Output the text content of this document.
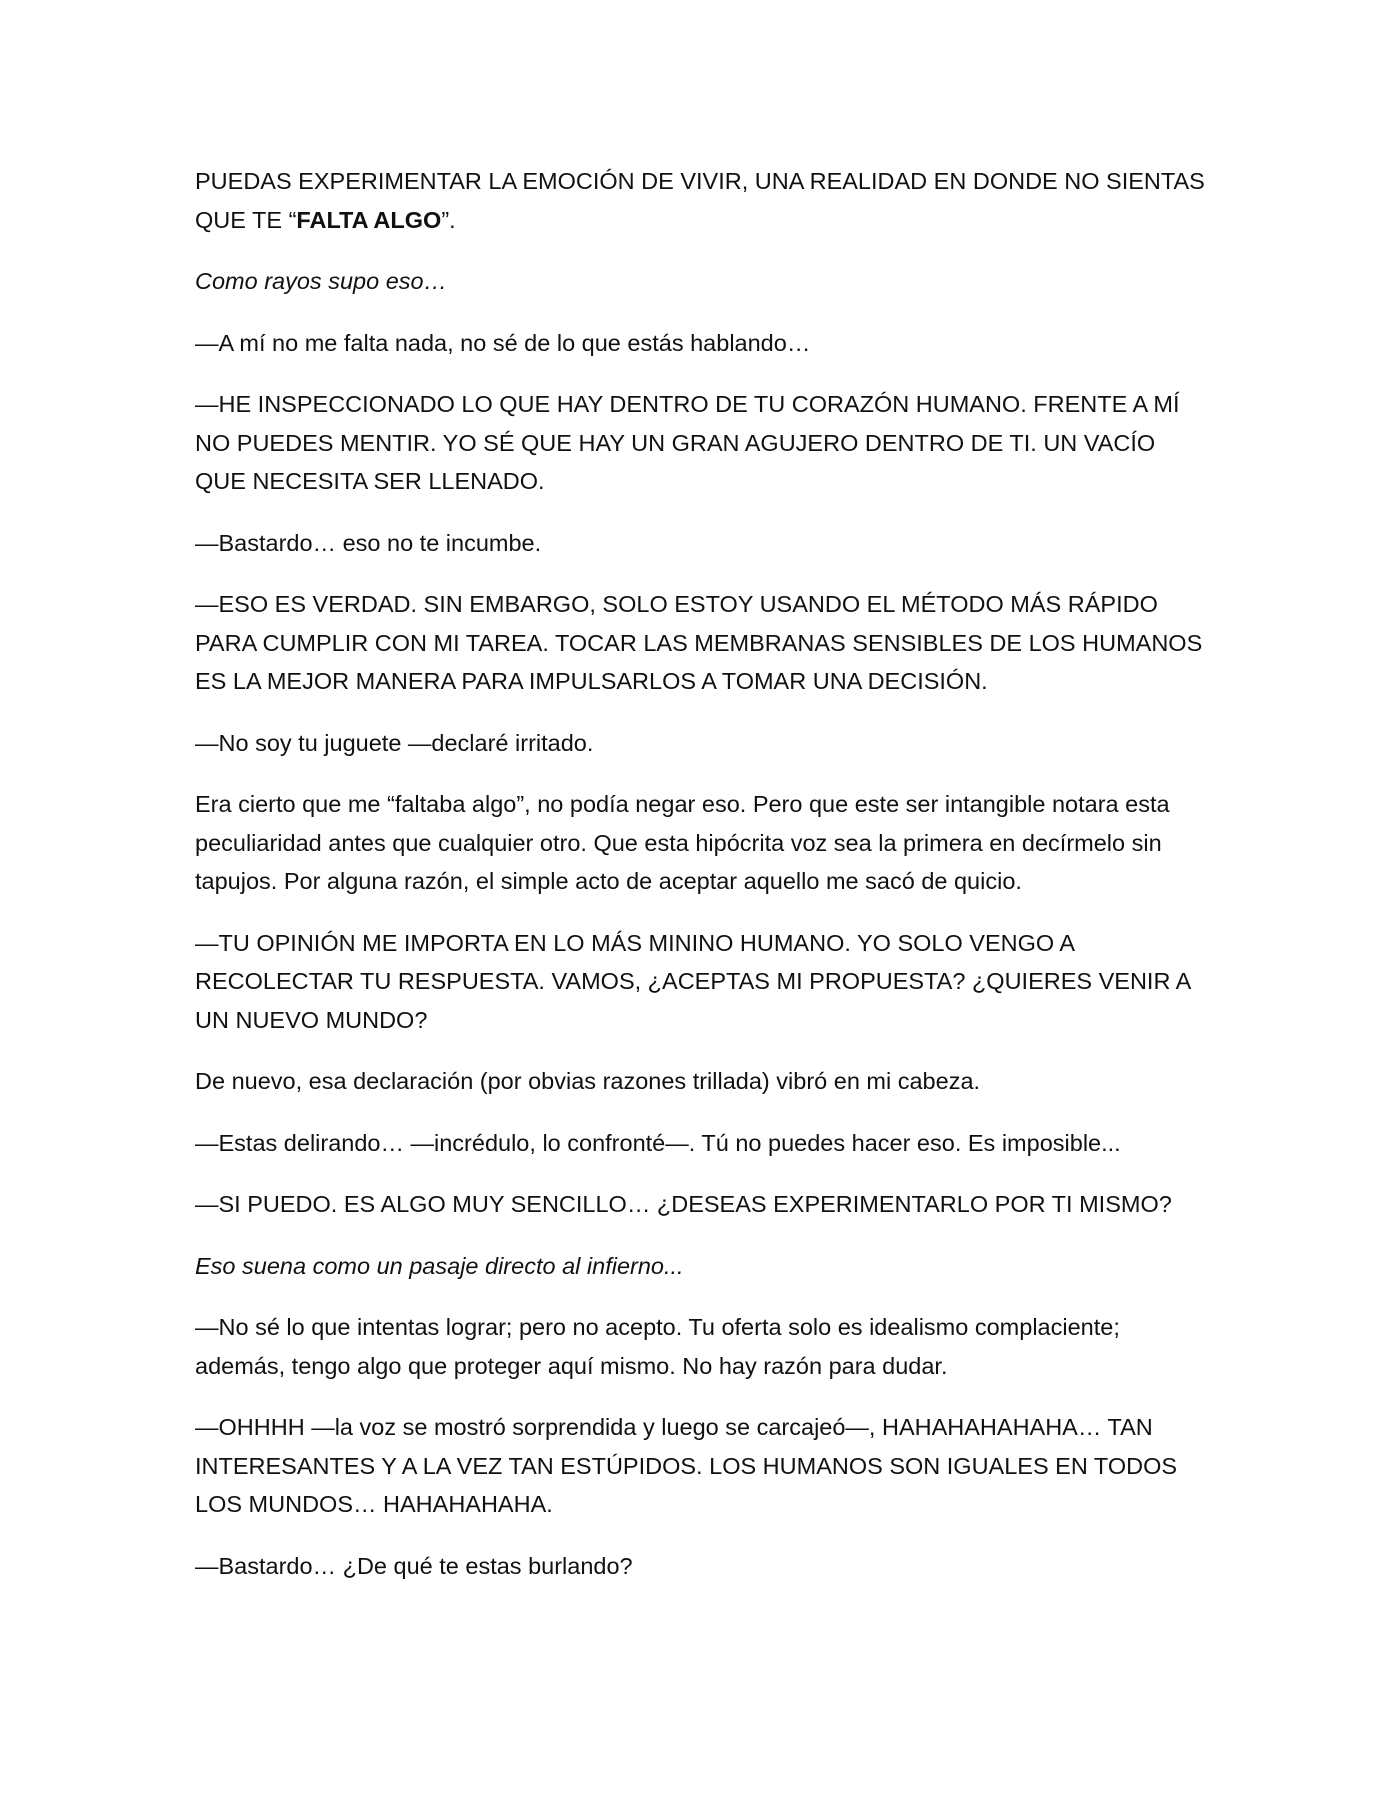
PUEDAS EXPERIMENTAR LA EMOCIÓN DE VIVIR, UNA REALIDAD EN DONDE NO SIENTAS QUE TE “FALTA ALGO”.

Como rayos supo eso…

—A mí no me falta nada, no sé de lo que estás hablando…

—HE INSPECCIONADO LO QUE HAY DENTRO DE TU CORAZÓN HUMANO. FRENTE A MÍ NO PUEDES MENTIR. YO SÉ QUE HAY UN GRAN AGUJERO DENTRO DE TI. UN VACÍO QUE NECESITA SER LLENADO.

—Bastardo… eso no te incumbe.

—ESO ES VERDAD. SIN EMBARGO, SOLO ESTOY USANDO EL MÉTODO MÁS RÁPIDO PARA CUMPLIR CON MI TAREA. TOCAR LAS MEMBRANAS SENSIBLES DE LOS HUMANOS ES LA MEJOR MANERA PARA IMPULSARLOS A TOMAR UNA DECISIÓN.

—No soy tu juguete —declaré irritado.

Era cierto que me “faltaba algo”, no podía negar eso. Pero que este ser intangible notara esta peculiaridad antes que cualquier otro. Que esta hipócrita voz sea la primera en decírmelo sin tapujos. Por alguna razón, el simple acto de aceptar aquello me sacó de quicio.

—TU OPINIÓN ME IMPORTA EN LO MÁS MININO HUMANO. YO SOLO VENGO A RECOLECTAR TU RESPUESTA. VAMOS, ¿ACEPTAS MI PROPUESTA? ¿QUIERES VENIR A UN NUEVO MUNDO?

De nuevo, esa declaración (por obvias razones trillada) vibró en mi cabeza.

—Estas delirando… —incrédulo, lo confronté—. Tú no puedes hacer eso. Es imposible...

—SI PUEDO. ES ALGO MUY SENCILLO… ¿DESEAS EXPERIMENTARLO POR TI MISMO?

Eso suena como un pasaje directo al infierno...

—No sé lo que intentas lograr; pero no acepto. Tu oferta solo es idealismo complaciente; además, tengo algo que proteger aquí mismo. No hay razón para dudar.

—OHHHH —la voz se mostró sorprendida y luego se carcajeó—, HAHAHAHAHAHA… TAN INTERESANTES Y A LA VEZ TAN ESTÚPIDOS. LOS HUMANOS SON IGUALES EN TODOS LOS MUNDOS… HAHAHAHAHA.

—Bastardo… ¿De qué te estas burlando?
